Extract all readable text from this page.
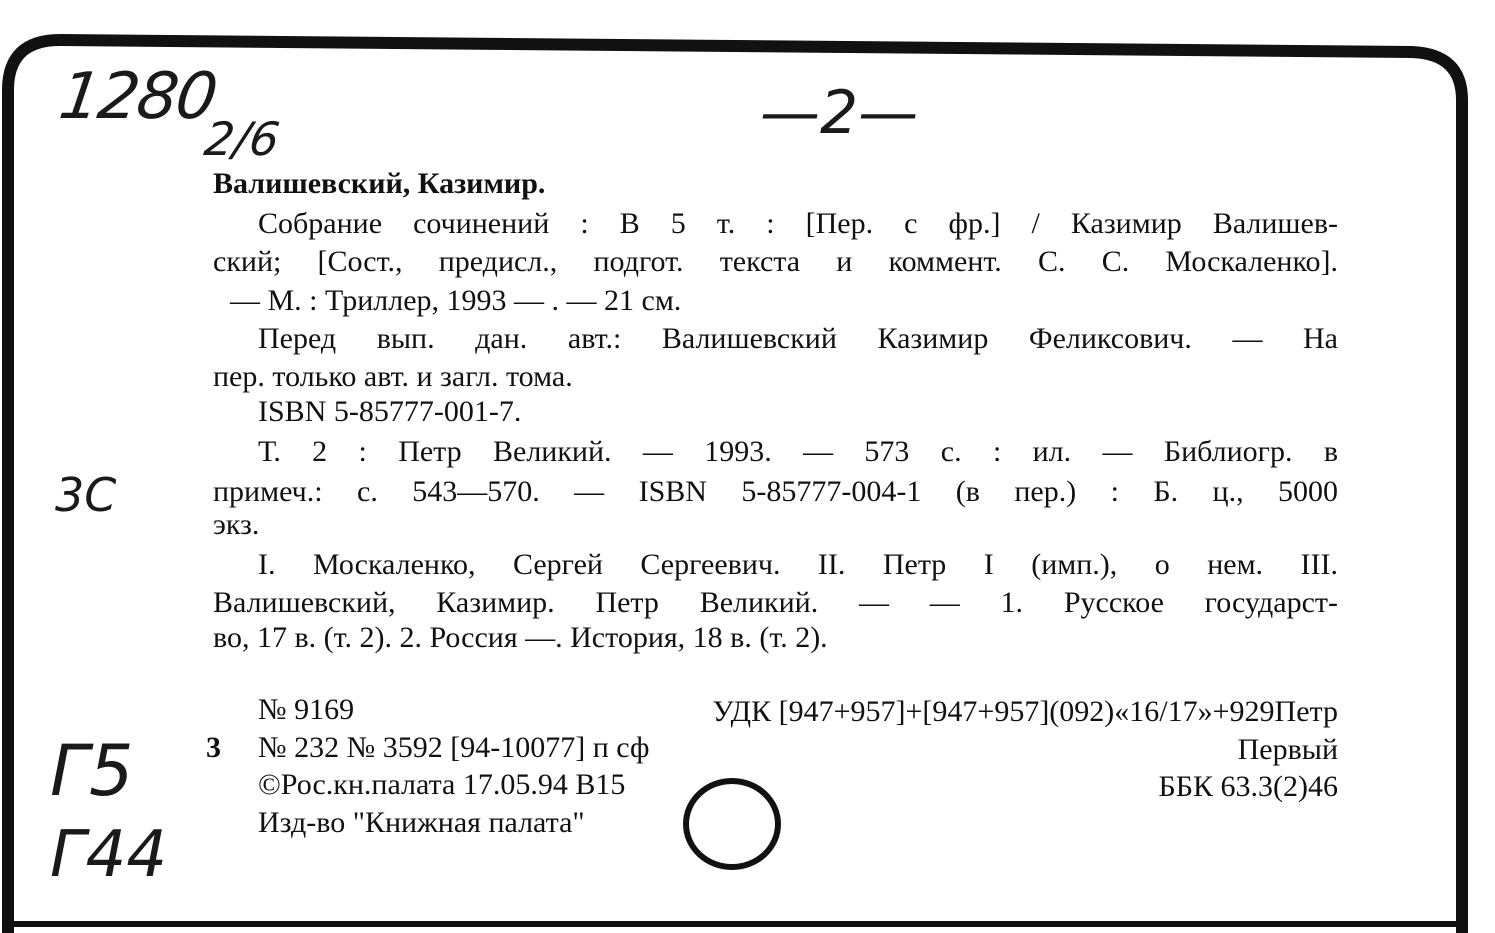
1280
2/6	—2—
3С
Г5
Г44
Валишевский, Казимир.
Собрание сочинений : В 5 т. : [Пер. с фр.] / Казимир Валишев-
ский; [Сост., предисл., подгот. текста и коммент. С. С. Москаленко].
— М. : Триллер, 1993 — . — 21 см.
Перед вып. дан. авт.: Валишевский Казимир Феликсович. — На
пер. только авт. и загл. тома.
ISBN 5-85777-001-7.
Т. 2 : Петр Великий. — 1993. — 573 с. : ил. — Библиогр. в
примеч.: с. 543—570. — ISBN 5-85777-004-1 (в пер.) : Б. ц., 5000
экз.
I. Москаленко, Сергей Сергеевич. II. Петр I (имп.), о нем. III.
Валишевский, Казимир. Петр Великий. — — 1. Русское государст-
во, 17 в. (т. 2). 2. Россия —. История, 18 в. (т. 2).
№ 9169	УДК [947+957]+[947+957](092)«16/17»+929Петр
3 № 232 № 3592 [94-10077] п сф	Первый
©Рос.кн.палата 17.05.94 В15	ББК 63.3(2)46
Изд-во "Книжная палата"
